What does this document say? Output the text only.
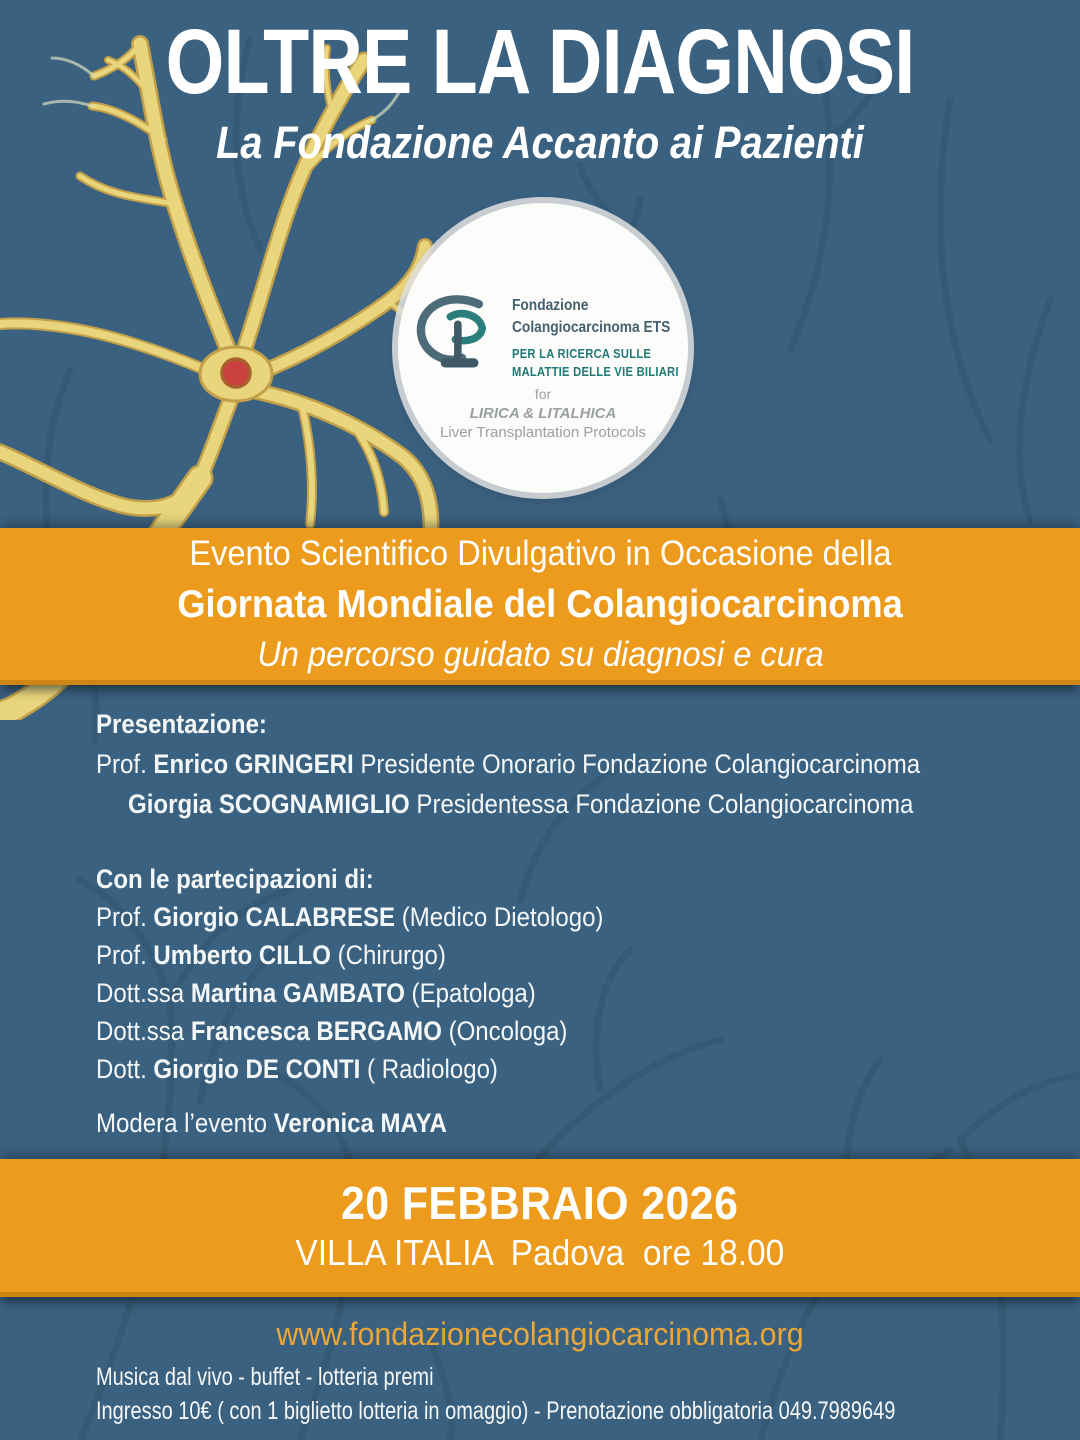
OLTRE LA DIAGNOSI
La Fondazione Accanto ai Pazienti
Fondazione
Colangiocarcinoma ETS
PER LA RICERCA SULLE
MALATTIE DELLE VIE BILIARI
for
LIRICA & LITALHICA
Liver Transplantation Protocols
Evento Scientifico Divulgativo in Occasione della
Giornata Mondiale del Colangiocarcinoma
Un percorso guidato su diagnosi e cura
Presentazione:
Prof. Enrico GRINGERI Presidente Onorario Fondazione Colangiocarcinoma
Giorgia SCOGNAMIGLIO Presidentessa Fondazione Colangiocarcinoma
Con le partecipazioni di:
Prof. Giorgio CALABRESE (Medico Dietologo)
Prof. Umberto CILLO (Chirurgo)
Dott.ssa Martina GAMBATO (Epatologa)
Dott.ssa Francesca BERGAMO (Oncologa)
Dott. Giorgio DE CONTI ( Radiologo)
Modera l’evento Veronica MAYA
20 FEBBRAIO 2026
VILLA ITALIA  Padova  ore 18.00
www.fondazionecolangiocarcinoma.org
Musica dal vivo - buffet - lotteria premi
Ingresso 10€ ( con 1 biglietto lotteria in omaggio) - Prenotazione obbligatoria 049.7989649
